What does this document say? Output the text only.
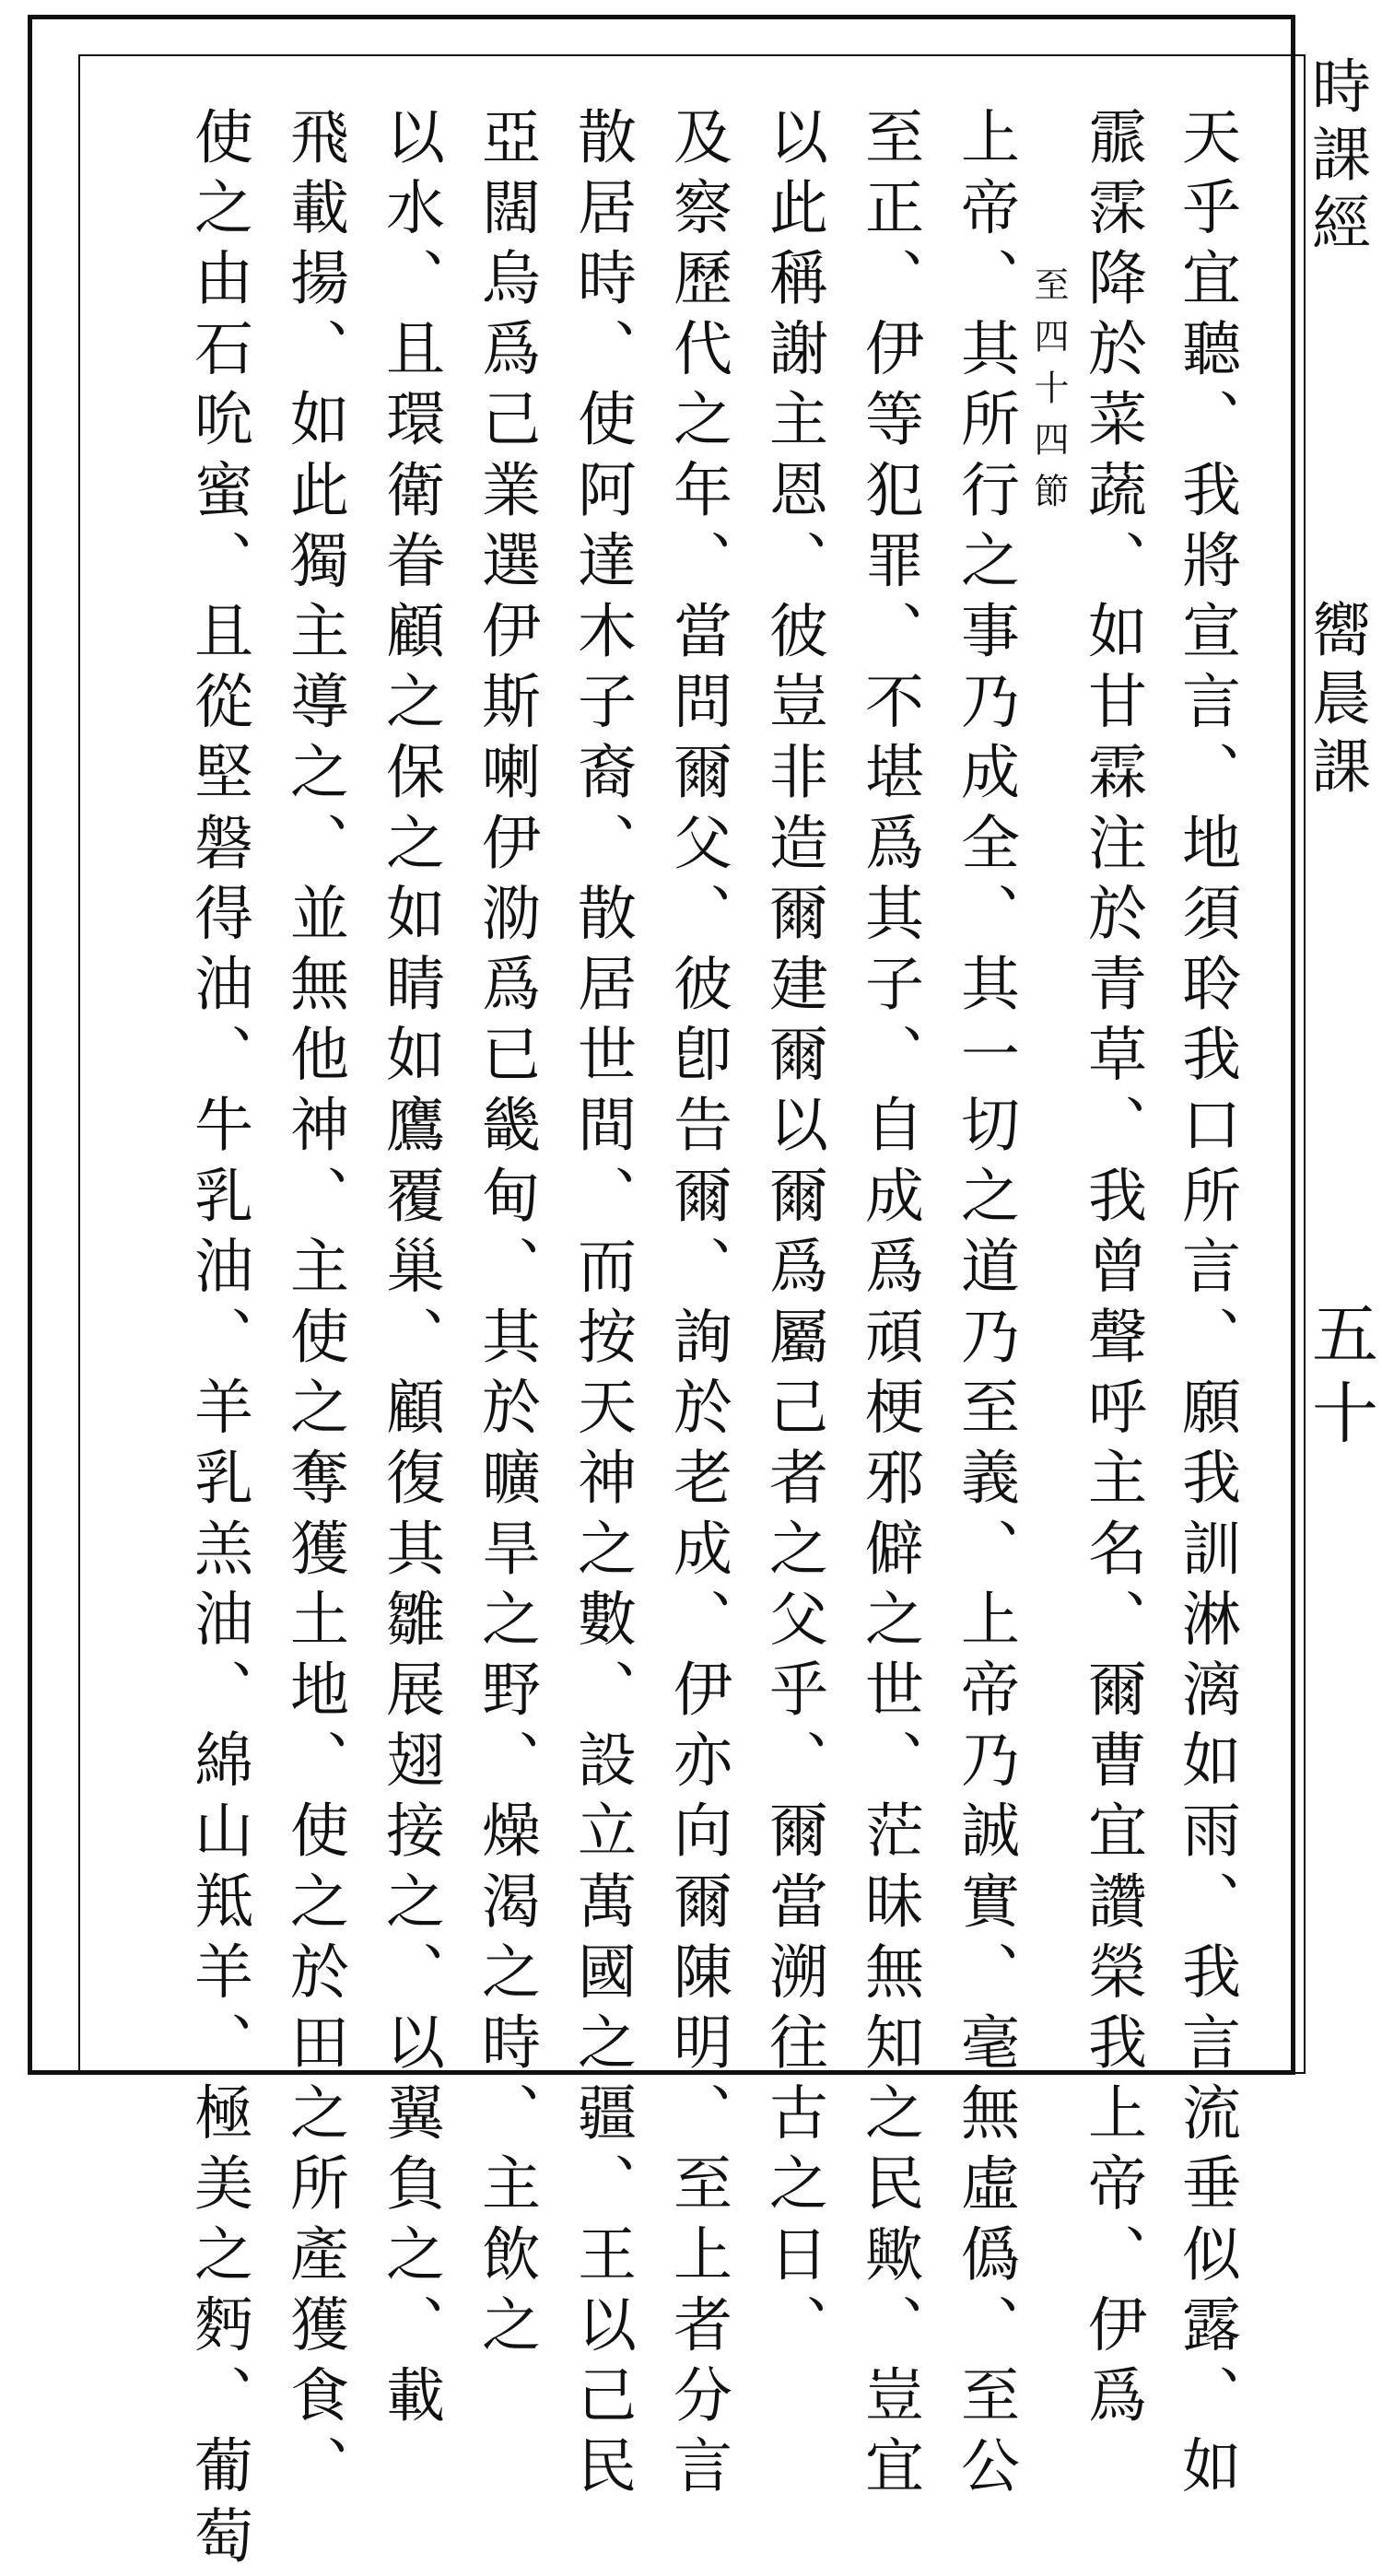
天乎宜聽、我將宣言、地須聆我口所言、願我訓淋漓如雨、我言流垂似露、如

霢霂降於菜蔬、如甘霖注於青草、我曾聲呼主名、爾曹宜讚榮我上帝、伊爲

至四十四節

上帝、其所行之事乃成全、其一切之道乃至義、上帝乃誠實、毫無虛僞、至公

至正、伊等犯罪、不堪爲其子、自成爲頑梗邪僻之世、茫昧無知之民歟、豈宜

以此稱謝主恩、彼豈非造爾建爾以爾爲屬己者之父乎、爾當溯往古之日、

及察歷代之年、當問爾父、彼卽告爾、詢於老成、伊亦向爾陳明、至上者分言

散居時、使阿達木子裔、散居世間、而按天神之數、設立萬國之疆、王以己民

亞闊烏爲己業選伊斯喇伊泐爲已畿甸、其於曠旱之野、燥渴之時、主飲之

以水、且環衛眷顧之保之如睛如鷹覆巢、顧復其雛展翅接之、以翼負之、載

飛載揚、如此獨主導之、並無他神、主使之奪獲土地、使之於田之所產獲食、

使之由石吮蜜、且從堅磐得油、牛乳油、羊乳羔油、綿山羝羊、極美之麪、葡萄	時課經

嚮晨課

五十
